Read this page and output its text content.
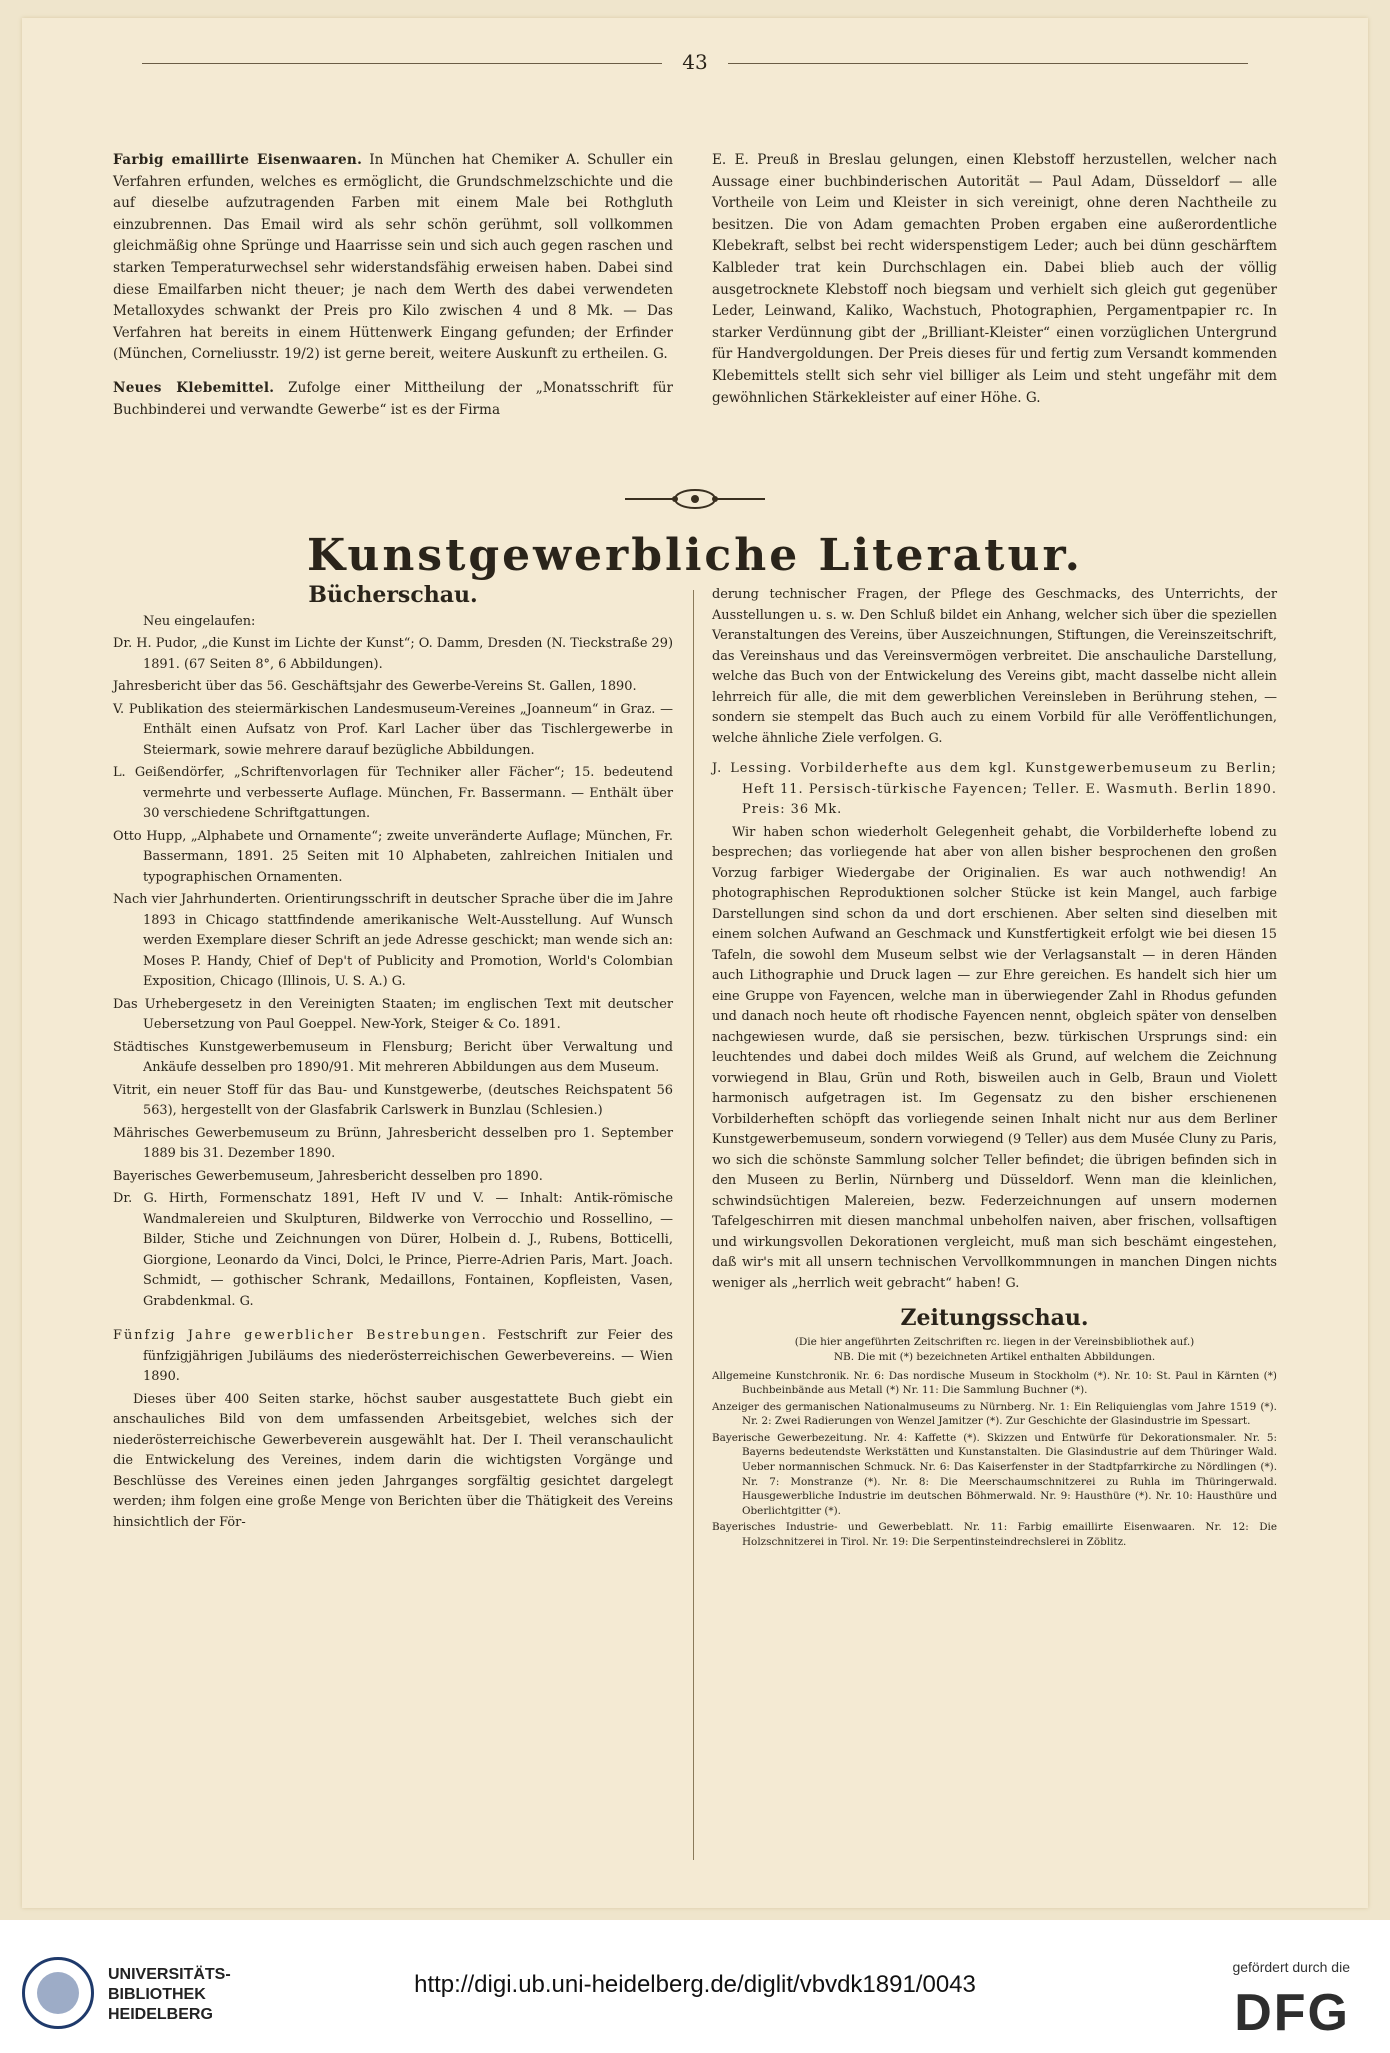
43

Farbig emaillirte Eisenwaaren. In München hat Chemiker A. Schuller ein Verfahren erfunden, welches es ermöglicht, die Grundschmelzschichte und die auf dieselbe aufzutragenden Farben mit einem Male bei Rothgluth einzubrennen. Das Email wird als sehr schön gerühmt, soll vollkommen gleichmäßig ohne Sprünge und Haarrisse sein und sich auch gegen raschen und starken Temperaturwechsel sehr widerstandsfähig erweisen haben. Dabei sind diese Emailfarben nicht theuer; je nach dem Werth des dabei verwendeten Metalloxydes schwankt der Preis pro Kilo zwischen 4 und 8 Mk. — Das Verfahren hat bereits in einem Hüttenwerk Eingang gefunden; der Erfinder (München, Corneliusstr. 19/2) ist gerne bereit, weitere Auskunft zu ertheilen. G.

Neues Klebemittel. Zufolge einer Mittheilung der „Monatsschrift für Buchbinderei und verwandte Gewerbe“ ist es der Firma

E. E. Preuß in Breslau gelungen, einen Klebstoff herzustellen, welcher nach Aussage einer buchbinderischen Autorität — Paul Adam, Düsseldorf — alle Vortheile von Leim und Kleister in sich vereinigt, ohne deren Nachtheile zu besitzen. Die von Adam gemachten Proben ergaben eine außerordentliche Klebekraft, selbst bei recht widerspenstigem Leder; auch bei dünn geschärftem Kalbleder trat kein Durchschlagen ein. Dabei blieb auch der völlig ausgetrocknete Klebstoff noch biegsam und verhielt sich gleich gut gegenüber Leder, Leinwand, Kaliko, Wachstuch, Photographien, Pergamentpapier rc. In starker Verdünnung gibt der „Brilliant-Kleister“ einen vorzüglichen Untergrund für Handvergoldungen. Der Preis dieses für und fertig zum Versandt kommenden Klebemittels stellt sich sehr viel billiger als Leim und steht ungefähr mit dem gewöhnlichen Stärkekleister auf einer Höhe. G.

Kunstgewerbliche Literatur.
Bücherschau.

Neu eingelaufen:

Dr. H. Pudor, „die Kunst im Lichte der Kunst“; O. Damm, Dresden (N. Tieckstraße 29) 1891. (67 Seiten 8°, 6 Abbildungen).

Jahresbericht über das 56. Geschäftsjahr des Gewerbe-Vereins St. Gallen, 1890.

V. Publikation des steiermärkischen Landesmuseum-Vereines „Joanneum“ in Graz. — Enthält einen Aufsatz von Prof. Karl Lacher über das Tischlergewerbe in Steiermark, sowie mehrere darauf bezügliche Abbildungen.

L. Geißendörfer, „Schriftenvorlagen für Techniker aller Fächer“; 15. bedeutend vermehrte und verbesserte Auflage. München, Fr. Bassermann. — Enthält über 30 verschiedene Schriftgattungen.

Otto Hupp, „Alphabete und Ornamente“; zweite unveränderte Auflage; München, Fr. Bassermann, 1891. 25 Seiten mit 10 Alphabeten, zahlreichen Initialen und typographischen Ornamenten.

Nach vier Jahrhunderten. Orientirungsschrift in deutscher Sprache über die im Jahre 1893 in Chicago stattfindende amerikanische Welt-Ausstellung. Auf Wunsch werden Exemplare dieser Schrift an jede Adresse geschickt; man wende sich an: Moses P. Handy, Chief of Dep't of Publicity and Promotion, World's Colombian Exposition, Chicago (Illinois, U. S. A.) G.

Das Urhebergesetz in den Vereinigten Staaten; im englischen Text mit deutscher Uebersetzung von Paul Goeppel. New-York, Steiger & Co. 1891.

Städtisches Kunstgewerbemuseum in Flensburg; Bericht über Verwaltung und Ankäufe desselben pro 1890/91. Mit mehreren Abbildungen aus dem Museum.

Vitrit, ein neuer Stoff für das Bau- und Kunstgewerbe, (deutsches Reichspatent 56 563), hergestellt von der Glasfabrik Carlswerk in Bunzlau (Schlesien.)

Mährisches Gewerbemuseum zu Brünn, Jahresbericht desselben pro 1. September 1889 bis 31. Dezember 1890.

Bayerisches Gewerbemuseum, Jahresbericht desselben pro 1890.

Dr. G. Hirth, Formenschatz 1891, Heft IV und V. — Inhalt: Antik-römische Wandmalereien und Skulpturen, Bildwerke von Verrocchio und Rossellino, — Bilder, Stiche und Zeichnungen von Dürer, Holbein d. J., Rubens, Botticelli, Giorgione, Leonardo da Vinci, Dolci, le Prince, Pierre-Adrien Paris, Mart. Joach. Schmidt, — gothischer Schrank, Medaillons, Fontainen, Kopfleisten, Vasen, Grabdenkmal. G.

Fünfzig Jahre gewerblicher Bestrebungen. Festschrift zur Feier des fünfzigjährigen Jubiläums des niederösterreichischen Gewerbevereins. — Wien 1890.

Dieses über 400 Seiten starke, höchst sauber ausgestattete Buch giebt ein anschauliches Bild von dem umfassenden Arbeitsgebiet, welches sich der niederösterreichische Gewerbeverein ausgewählt hat. Der I. Theil veranschaulicht die Entwickelung des Vereines, indem darin die wichtigsten Vorgänge und Beschlüsse des Vereines einen jeden Jahrganges sorgfältig gesichtet dargelegt werden; ihm folgen eine große Menge von Berichten über die Thätigkeit des Vereins hinsichtlich der För-

derung technischer Fragen, der Pflege des Geschmacks, des Unterrichts, der Ausstellungen u. s. w. Den Schluß bildet ein Anhang, welcher sich über die speziellen Veranstaltungen des Vereins, über Auszeichnungen, Stiftungen, die Vereinszeitschrift, das Vereinshaus und das Vereinsvermögen verbreitet. Die anschauliche Darstellung, welche das Buch von der Entwickelung des Vereins gibt, macht dasselbe nicht allein lehrreich für alle, die mit dem gewerblichen Vereinsleben in Berührung stehen, — sondern sie stempelt das Buch auch zu einem Vorbild für alle Veröffentlichungen, welche ähnliche Ziele verfolgen. G.

J. Lessing. Vorbilderhefte aus dem kgl. Kunstgewerbemuseum zu Berlin; Heft 11. Persisch-türkische Fayencen; Teller. E. Wasmuth. Berlin 1890. Preis: 36 Mk.

Wir haben schon wiederholt Gelegenheit gehabt, die Vorbilderhefte lobend zu besprechen; das vorliegende hat aber von allen bisher besprochenen den großen Vorzug farbiger Wiedergabe der Originalien. Es war auch nothwendig! An photographischen Reproduktionen solcher Stücke ist kein Mangel, auch farbige Darstellungen sind schon da und dort erschienen. Aber selten sind dieselben mit einem solchen Aufwand an Geschmack und Kunstfertigkeit erfolgt wie bei diesen 15 Tafeln, die sowohl dem Museum selbst wie der Verlagsanstalt — in deren Händen auch Lithographie und Druck lagen — zur Ehre gereichen. Es handelt sich hier um eine Gruppe von Fayencen, welche man in überwiegender Zahl in Rhodus gefunden und danach noch heute oft rhodische Fayencen nennt, obgleich später von denselben nachgewiesen wurde, daß sie persischen, bezw. türkischen Ursprungs sind: ein leuchtendes und dabei doch mildes Weiß als Grund, auf welchem die Zeichnung vorwiegend in Blau, Grün und Roth, bisweilen auch in Gelb, Braun und Violett harmonisch aufgetragen ist. Im Gegensatz zu den bisher erschienenen Vorbilderheften schöpft das vorliegende seinen Inhalt nicht nur aus dem Berliner Kunstgewerbemuseum, sondern vorwiegend (9 Teller) aus dem Musée Cluny zu Paris, wo sich die schönste Sammlung solcher Teller befindet; die übrigen befinden sich in den Museen zu Berlin, Nürnberg und Düsseldorf. Wenn man die kleinlichen, schwindsüchtigen Malereien, bezw. Federzeichnungen auf unsern modernen Tafelgeschirren mit diesen manchmal unbeholfen naiven, aber frischen, vollsaftigen und wirkungsvollen Dekorationen vergleicht, muß man sich beschämt eingestehen, daß wir's mit all unsern technischen Vervollkommnungen in manchen Dingen nichts weniger als „herrlich weit gebracht“ haben! G.

Zeitungsschau.

(Die hier angeführten Zeitschriften rc. liegen in der Vereinsbibliothek auf.)

NB. Die mit (*) bezeichneten Artikel enthalten Abbildungen.

Allgemeine Kunstchronik. Nr. 6: Das nordische Museum in Stockholm (*). Nr. 10: St. Paul in Kärnten (*) Buchbeinbände aus Metall (*) Nr. 11: Die Sammlung Buchner (*).

Anzeiger des germanischen Nationalmuseums zu Nürnberg. Nr. 1: Ein Reliquienglas vom Jahre 1519 (*). Nr. 2: Zwei Radierungen von Wenzel Jamitzer (*). Zur Geschichte der Glasindustrie im Spessart.

Bayerische Gewerbezeitung. Nr. 4: Kaffette (*). Skizzen und Entwürfe für Dekorationsmaler. Nr. 5: Bayerns bedeutendste Werkstätten und Kunstanstalten. Die Glasindustrie auf dem Thüringer Wald. Ueber normannischen Schmuck. Nr. 6: Das Kaiserfenster in der Stadtpfarrkirche zu Nördlingen (*). Nr. 7: Monstranze (*). Nr. 8: Die Meerschaumschnitzerei zu Ruhla im Thüringerwald. Hausgewerbliche Industrie im deutschen Böhmerwald. Nr. 9: Hausthüre (*). Nr. 10: Hausthüre und Oberlichtgitter (*).

Bayerisches Industrie- und Gewerbeblatt. Nr. 11: Farbig emaillirte Eisenwaaren. Nr. 12: Die Holzschnitzerei in Tirol. Nr. 19: Die Serpentinsteindrechslerei in Zöblitz.

UNIVERSITÄTS-
BIBLIOTHEK
HEIDELBERG
http://digi.ub.uni-heidelberg.de/diglit/vbvdk1891/0043
gefördert durch die
DFG
